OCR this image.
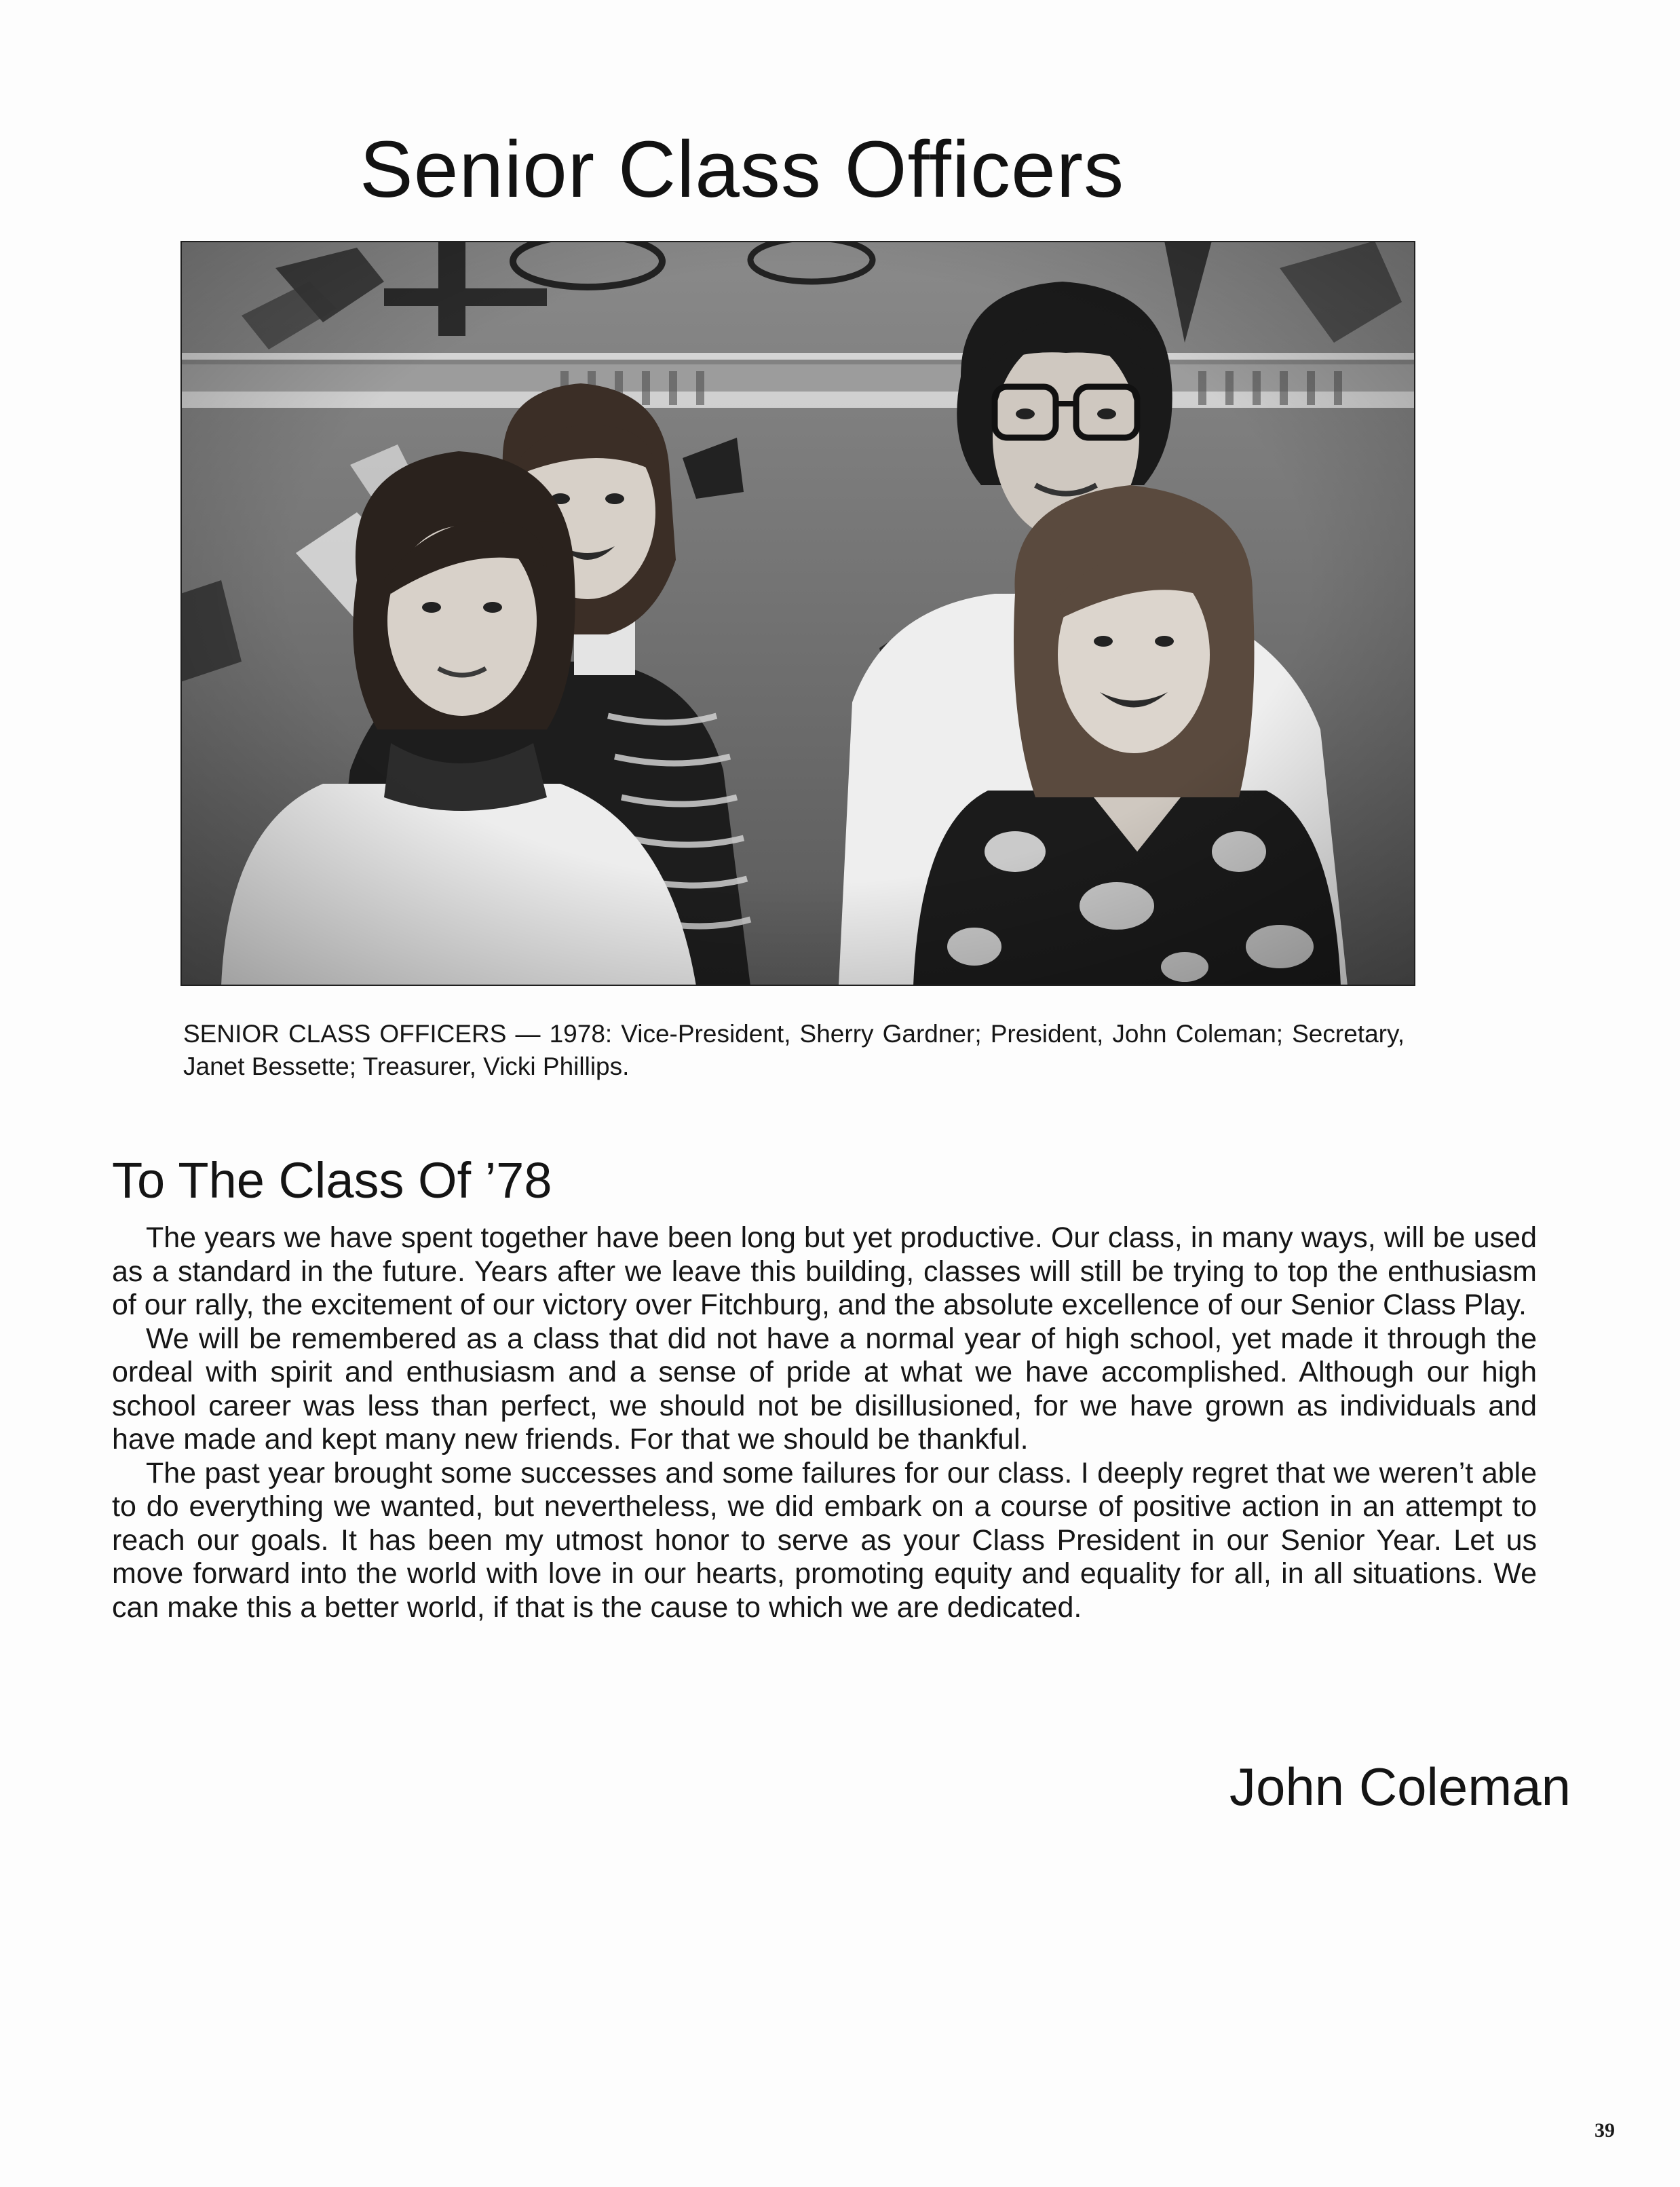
Senior Class Officers
SENIOR CLASS OFFICERS — 1978: Vice-President, Sherry Gardner; President, John Coleman; Secretary, Janet Bessette; Treasurer, Vicki Phillips.
To The Class Of ’78

The years we have spent together have been long but yet productive. Our class, in many ways, will be used as a standard in the future. Years after we leave this building, classes will still be trying to top the enthusiasm of our rally, the excitement of our victory over Fitchburg, and the absolute excellence of our Senior Class Play.

We will be remembered as a class that did not have a normal year of high school, yet made it through the ordeal with spirit and enthusiasm and a sense of pride at what we have accomplished. Although our high school career was less than perfect, we should not be disillusioned, for we have grown as individuals and have made and kept many new friends. For that we should be thankful.

The past year brought some successes and some failures for our class. I deeply regret that we weren’t able to do everything we wanted, but nevertheless, we did embark on a course of positive action in an attempt to reach our goals. It has been my utmost honor to serve as your Class President in our Senior Year. Let us move forward into the world with love in our hearts, promoting equity and equality for all, in all situations. We can make this a better world, if that is the cause to which we are dedicated.

John Coleman
39
